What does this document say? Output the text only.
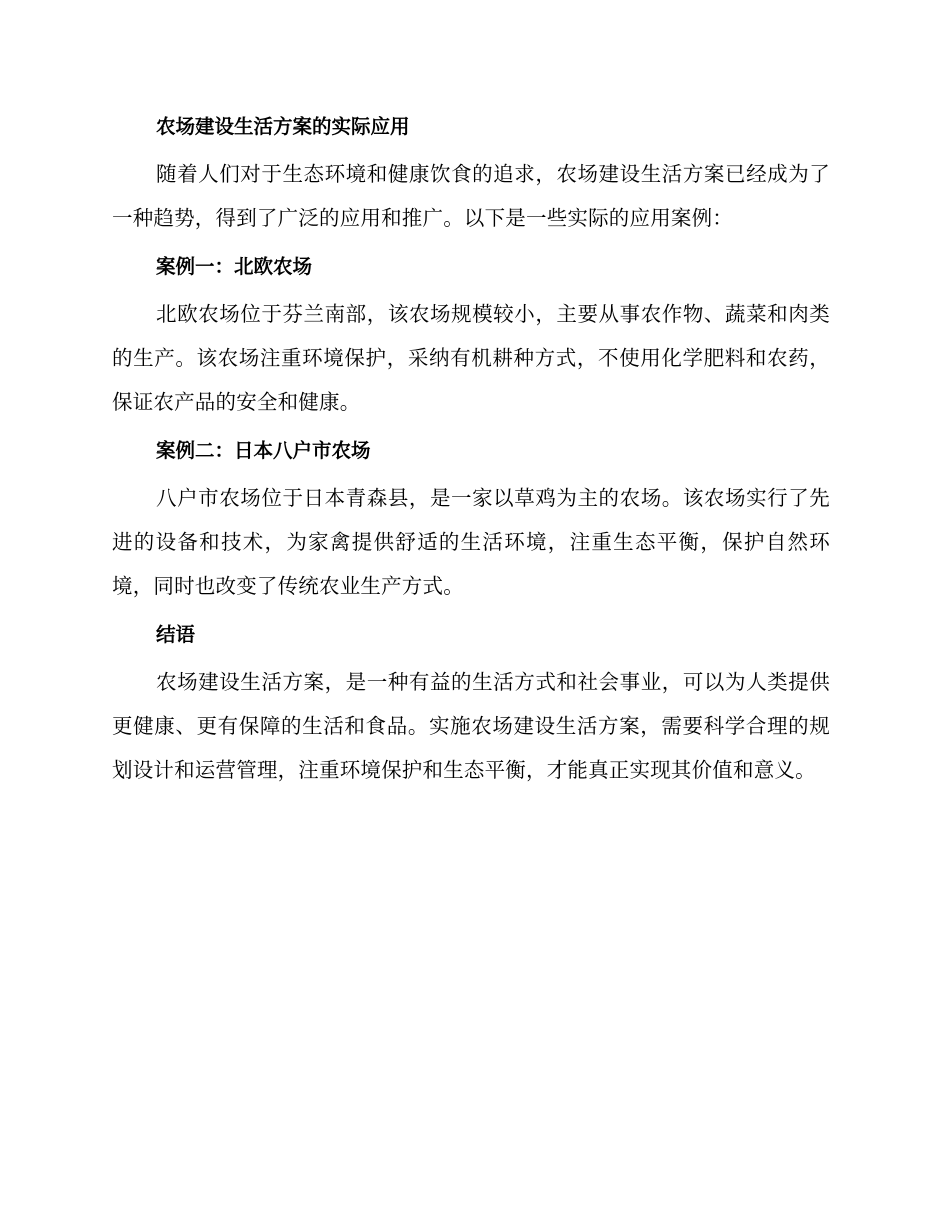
农场建设生活方案的实际应用

随着人们对于生态环境和健康饮食的追求，农场建设生活方案已经成为了一种趋势，得到了广泛的应用和推广。以下是一些实际的应用案例：

案例一：北欧农场

北欧农场位于芬兰南部，该农场规模较小，主要从事农作物、蔬菜和肉类的生产。该农场注重环境保护，采纳有机耕种方式，不使用化学肥料和农药，保证农产品的安全和健康。

案例二：日本八户市农场

八户市农场位于日本青森县，是一家以草鸡为主的农场。该农场实行了先进的设备和技术，为家禽提供舒适的生活环境，注重生态平衡，保护自然环境，同时也改变了传统农业生产方式。

结语

农场建设生活方案，是一种有益的生活方式和社会事业，可以为人类提供更健康、更有保障的生活和食品。实施农场建设生活方案，需要科学合理的规划设计和运营管理，注重环境保护和生态平衡，才能真正实现其价值和意义。
